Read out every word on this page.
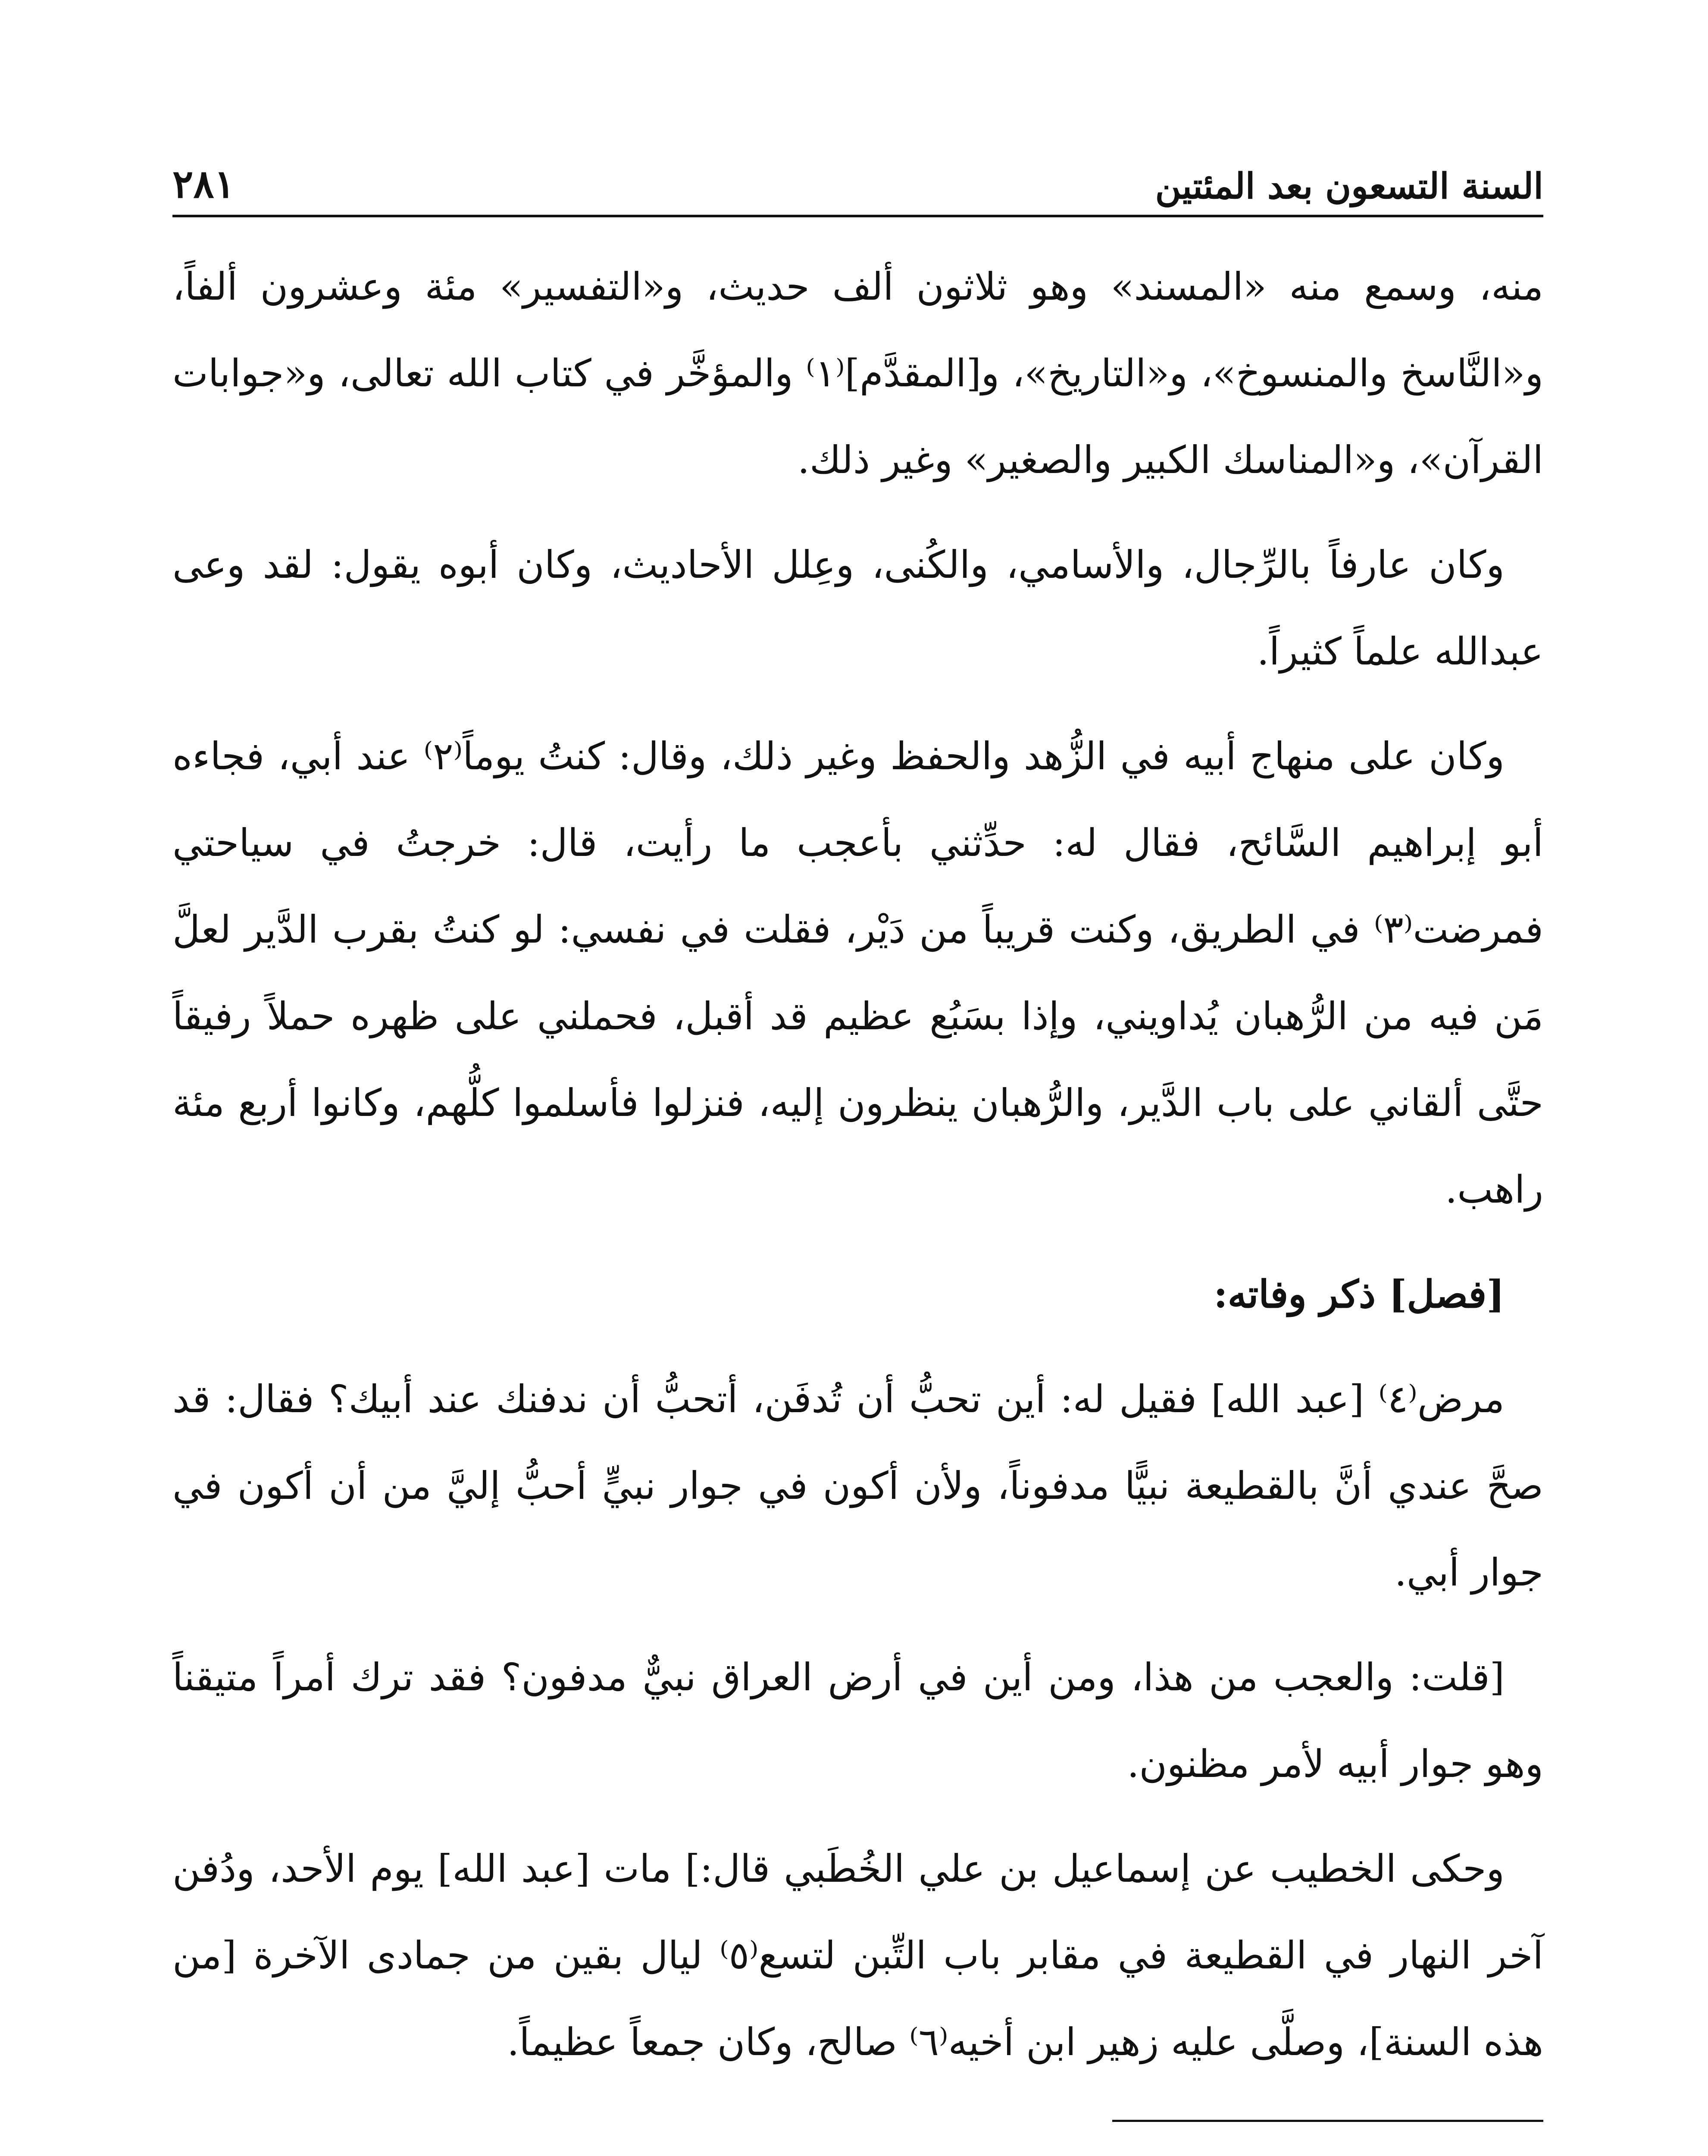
السنة التسعون بعد المئتين
٢٨١

منه، وسمع منه «المسند» وهو ثلاثون ألف حديث، و«التفسير» مئة وعشرون ألفاً، و«النَّاسخ والمنسوخ»، و«التاريخ»، و[المقدَّم]⁽١⁾ والمؤخَّر في كتاب الله تعالى، و«جوابات القرآن»، و«المناسك الكبير والصغير» وغير ذلك.

وكان عارفاً بالرِّجال، والأسامي، والكُنى، وعِلل الأحاديث، وكان أبوه يقول: لقد وعى عبدالله علماً كثيراً.

وكان على منهاج أبيه في الزُّهد والحفظ وغير ذلك، وقال: كنتُ يوماً⁽٢⁾ عند أبي، فجاءه أبو إبراهيم السَّائح، فقال له: حدِّثني بأعجب ما رأيت، قال: خرجتُ في سياحتي فمرضت⁽٣⁾ في الطريق، وكنت قريباً من دَيْر، فقلت في نفسي: لو كنتُ بقرب الدَّير لعلَّ مَن فيه من الرُّهبان يُداويني، وإذا بسَبُع عظيم قد أقبل، فحملني على ظهره حملاً رفيقاً حتَّى ألقاني على باب الدَّير، والرُّهبان ينظرون إليه، فنزلوا فأسلموا كلُّهم، وكانوا أربع مئة راهب.

[فصل] ذكر وفاته:

مرض⁽٤⁾ [عبد الله] فقيل له: أين تحبُّ أن تُدفَن، أتحبُّ أن ندفنك عند أبيك؟ فقال: قد صحَّ عندي أنَّ بالقطيعة نبيًّا مدفوناً، ولأن أكون في جوار نبيٍّ أحبُّ إليَّ من أن أكون في جوار أبي.

[قلت: والعجب من هذا، ومن أين في أرض العراق نبيٌّ مدفون؟ فقد ترك أمراً متيقناً وهو جوار أبيه لأمر مظنون.

وحكى الخطيب عن إسماعيل بن علي الخُطَبي قال:] مات [عبد الله] يوم الأحد، ودُفن آخر النهار في القطيعة في مقابر باب التِّبن لتسع⁽٥⁾ ليال بقين من جمادى الآخرة [من هذه السنة]، وصلَّى عليه زهير ابن أخيه⁽٦⁾ صالح، وكان جمعاً عظيماً.
